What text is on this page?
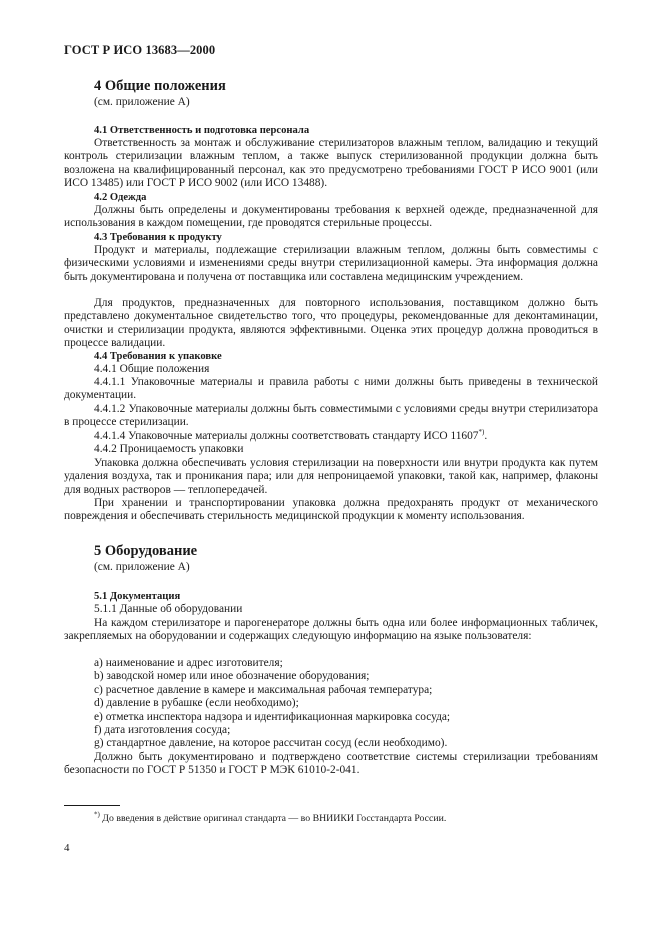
ГОСТ Р ИСО 13683—2000
4 Общие положения
(см. приложение А)
4.1 Ответственность и подготовка персонала
Ответственность за монтаж и обслуживание стерилизаторов влажным теплом, валидацию и текущий контроль стерилизации влажным теплом, а также выпуск стерилизованной продукции должна быть возложена на квалифицированный персонал, как это предусмотрено требованиями ГОСТ Р ИСО 9001 (или ИСО 13485) или ГОСТ Р ИСО 9002 (или ИСО 13488).
4.2 Одежда
Должны быть определены и документированы требования к верхней одежде, предназначенной для использования в каждом помещении, где проводятся стерильные процессы.
4.3 Требования к продукту
Продукт и материалы, подлежащие стерилизации влажным теплом, должны быть совместимы с физическими условиями и изменениями среды внутри стерилизационной камеры. Эта информация должна быть документирована и получена от поставщика или составлена медицинским учреждением.
Для продуктов, предназначенных для повторного использования, поставщиком должно быть представлено документальное свидетельство того, что процедуры, рекомендованные для деконтаминации, очистки и стерилизации продукта, являются эффективными. Оценка этих процедур должна проводиться в процессе валидации.
4.4 Требования к упаковке
4.4.1 Общие положения
4.4.1.1 Упаковочные материалы и правила работы с ними должны быть приведены в технической документации.
4.4.1.2 Упаковочные материалы должны быть совместимыми с условиями среды внутри стерилизатора в процессе стерилизации.
4.4.1.4 Упаковочные материалы должны соответствовать стандарту ИСО 11607*).
4.4.2 Проницаемость упаковки
Упаковка должна обеспечивать условия стерилизации на поверхности или внутри продукта как путем удаления воздуха, так и проникания пара; или для непроницаемой упаковки, такой как, например, флаконы для водных растворов — теплопередачей.
При хранении и транспортировании упаковка должна предохранять продукт от механического повреждения и обеспечивать стерильность медицинской продукции к моменту использования.
5 Оборудование
(см. приложение А)
5.1 Документация
5.1.1 Данные об оборудовании
На каждом стерилизаторе и парогенераторе должны быть одна или более информационных табличек, закрепляемых на оборудовании и содержащих следующую информацию на языке пользователя:
a) наименование и адрес изготовителя;
b) заводской номер или иное обозначение оборудования;
c) расчетное давление в камере и максимальная рабочая температура;
d) давление в рубашке (если необходимо);
e) отметка инспектора надзора и идентификационная маркировка сосуда;
f) дата изготовления сосуда;
g) стандартное давление, на которое рассчитан сосуд (если необходимо).
Должно быть документировано и подтверждено соответствие системы стерилизации требованиям безопасности по ГОСТ Р 51350 и ГОСТ Р МЭК 61010-2-041.
*) До введения в действие оригинал стандарта — во ВНИИКИ Госстандарта России.
4
